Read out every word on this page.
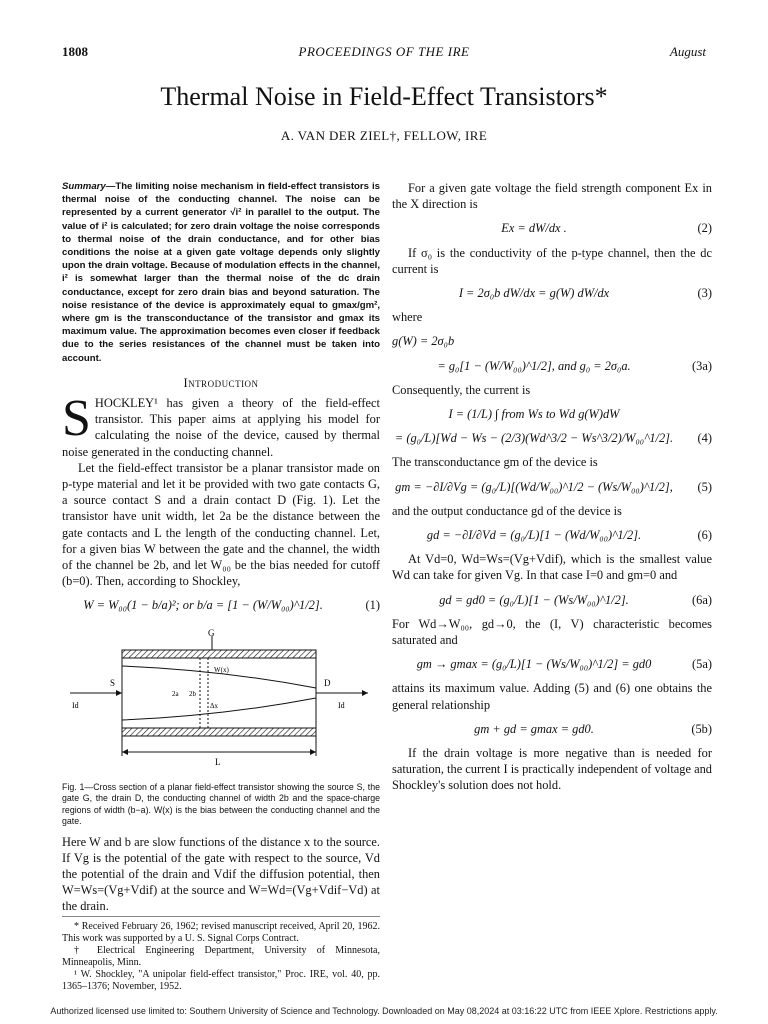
1808	PROCEEDINGS OF THE IRE	August
Thermal Noise in Field-Effect Transistors*
A. VAN DER ZIEL†, FELLOW, IRE
Summary—The limiting noise mechanism in field-effect transistors is thermal noise of the conducting channel. The noise can be represented by a current generator √i² in parallel to the output. The value of i² is calculated; for zero drain voltage the noise corresponds to thermal noise of the drain conductance, and for other bias conditions the noise at a given gate voltage depends only slightly upon the drain voltage. Because of modulation effects in the channel, i² is somewhat larger than the thermal noise of the dc drain conductance, except for zero drain bias and beyond saturation. The noise resistance of the device is approximately equal to gmax/gm², where gm is the transconductance of the transistor and gmax its maximum value. The approximation becomes even closer if feedback due to the series resistances of the channel must be taken into account.
Introduction

SHOCKLEY¹ has given a theory of the field-effect transistor. This paper aims at applying his model for calculating the noise of the device, caused by thermal noise generated in the conducting channel.

Let the field-effect transistor be a planar transistor made on p-type material and let it be provided with two gate contacts G, a source contact S and a drain contact D (Fig. 1). Let the transistor have unit width, let 2a be the distance between the gate contacts and L the length of the conducting channel. Let, for a given bias W between the gate and the channel, the width of the channel be 2b, and let W₀₀ be the bias needed for cutoff (b=0). Then, according to Shockley,

W = W₀₀(1 − b/a)²; or b/a = [1 − (W/W₀₀)^1/2].	(1)
G
W(x)
2a 2b
Δx
S
Id
D
Id
L
Fig. 1—Cross section of a planar field-effect transistor showing the source S, the gate G, the drain D, the conducting channel of width 2b and the space-charge regions of width (b−a). W(x) is the bias between the conducting channel and the gate.

Here W and b are slow functions of the distance x to the source. If Vg is the potential of the gate with respect to the source, Vd the potential of the drain and Vdif the diffusion potential, then W=Ws=(Vg+Vdif) at the source and W=Wd=(Vg+Vdif−Vd) at the drain.

* Received February 26, 1962; revised manuscript received, April 20, 1962. This work was supported by a U. S. Signal Corps Contract.
† Electrical Engineering Department, University of Minnesota, Minneapolis, Minn.
¹ W. Shockley, "A unipolar field-effect transistor," Proc. IRE, vol. 40, pp. 1365–1376; November, 1952.

For a given gate voltage the field strength component Ex in the X direction is

Ex = dW/dx .	(2)

If σ₀ is the conductivity of the p-type channel, then the dc current is

I = 2σ₀b dW/dx = g(W) dW/dx	(3)

where

g(W) = 2σ₀b
= g₀[1 − (W/W₀₀)^1/2], and g₀ = 2σ₀a.	(3a)

Consequently, the current is

I = (1/L) ∫ from Ws to Wd g(W)dW
= (g₀/L)[Wd − Ws − (2/3)(Wd^3/2 − Ws^3/2)/W₀₀^1/2].	(4)

The transconductance gm of the device is

gm = −∂I/∂Vg = (g₀/L)[(Wd/W₀₀)^1/2 − (Ws/W₀₀)^1/2],	(5)

and the output conductance gd of the device is

gd = −∂I/∂Vd = (g₀/L)[1 − (Wd/W₀₀)^1/2].	(6)

At Vd=0, Wd=Ws=(Vg+Vdif), which is the smallest value Wd can take for given Vg. In that case I=0 and gm=0 and

gd = gd0 = (g₀/L)[1 − (Ws/W₀₀)^1/2].	(6a)

For Wd→W₀₀, gd→0, the (I, V) characteristic becomes saturated and

gm → gmax = (g₀/L)[1 − (Ws/W₀₀)^1/2] = gd0	(5a)

attains its maximum value. Adding (5) and (6) one obtains the general relationship

gm + gd = gmax = gd0.	(5b)

If the drain voltage is more negative than is needed for saturation, the current I is practically independent of voltage and Shockley's solution does not hold.

Authorized licensed use limited to: Southern University of Science and Technology. Downloaded on May 08,2024 at 03:16:22 UTC from IEEE Xplore. Restrictions apply.
